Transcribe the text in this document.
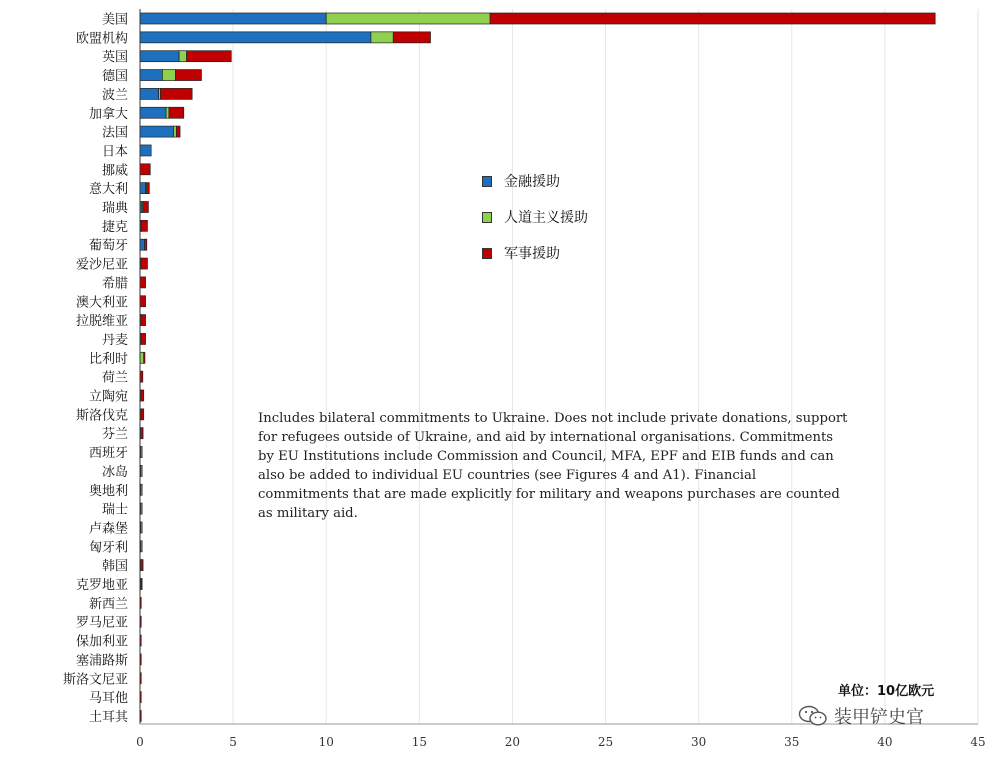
美国
欧盟机构
英国
德国
波兰
加拿大
法国
日本
挪威
意大利
瑞典
捷克
葡萄牙
爱沙尼亚
希腊
澳大利亚
拉脱维亚
丹麦
比利时
荷兰
立陶宛
斯洛伐克
芬兰
西班牙
冰岛
奥地利
瑞士
卢森堡
匈牙利
韩国
克罗地亚
新西兰
罗马尼亚
保加利亚
塞浦路斯
斯洛文尼亚
马耳他
土耳其
0	5	10	15	20	25	30	35	40	45
金融援助
人道主义援助
军事援助
Includes bilateral commitments to Ukraine. Does not include private donations, support for refugees outside of Ukraine, and aid by international organisations. Commitments by EU Institutions include Commission and Council, MFA, EPF and EIB funds and can also be added to individual EU countries (see Figures 4 and A1). Financial commitments that are made explicitly for military and weapons purchases are counted as military aid.
单位：10亿欧元
装甲铲史官
